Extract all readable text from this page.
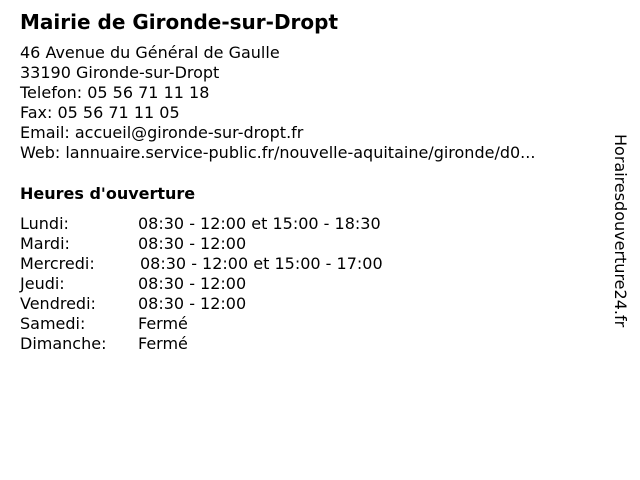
Mairie de Gironde-sur-Dropt
46 Avenue du Général de Gaulle
33190 Gironde-sur-Dropt
Telefon: 05 56 71 11 18
Fax: 05 56 71 11 05
Email: accueil@gironde-sur-dropt.fr
Web: lannuaire.service-public.fr/nouvelle-aquitaine/gironde/d0...
Heures d'ouverture
Lundi:	08:30 - 12:00 et 15:00 - 18:30
Mardi:	08:30 - 12:00
Mercredi:	08:30 - 12:00 et 15:00 - 17:00
Jeudi:	08:30 - 12:00
Vendredi:	08:30 - 12:00
Samedi:	Fermé
Dimanche: Fermé
Horairesdouverture24.fr
